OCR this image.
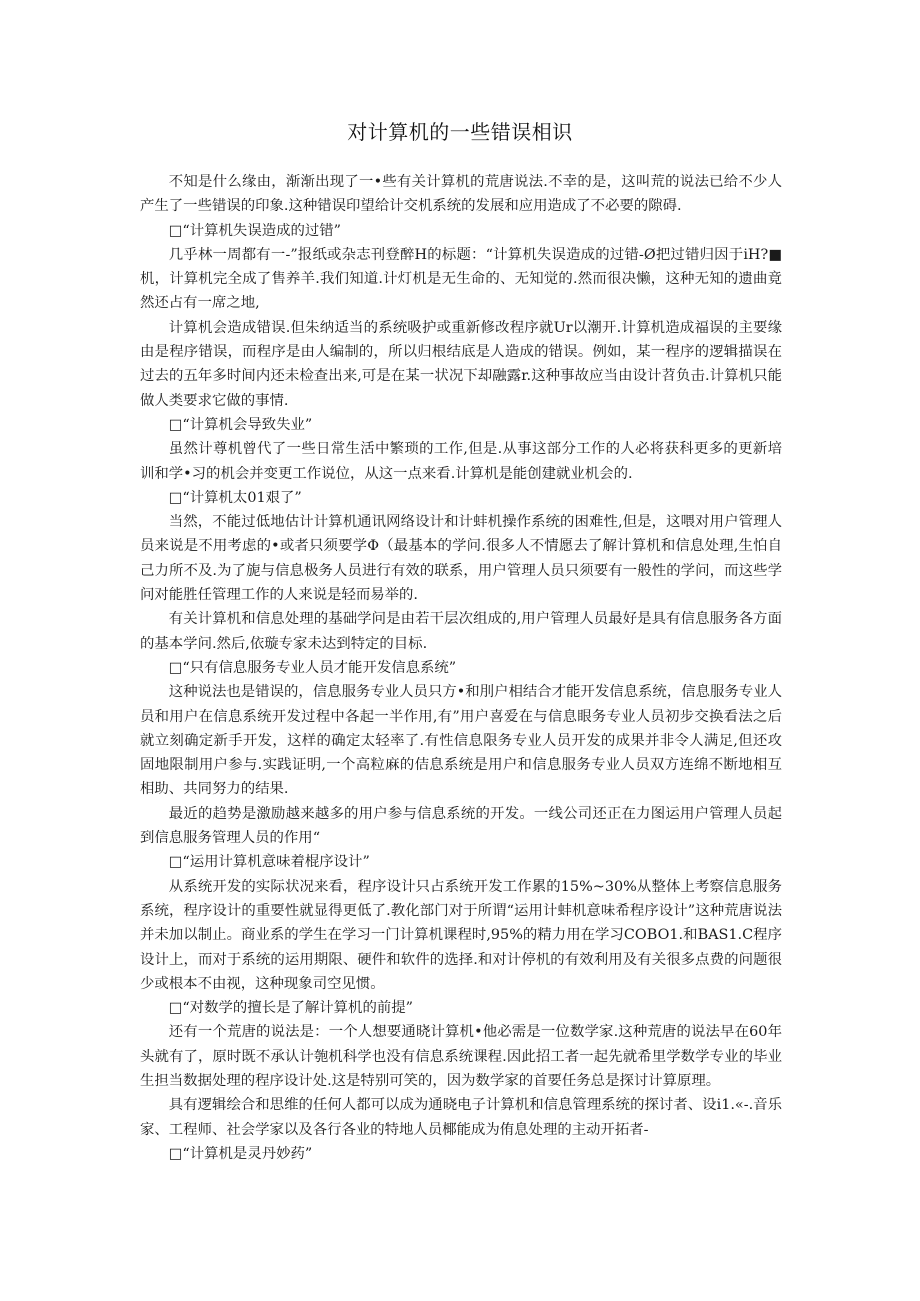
对计算机的一些错误相识

不知是什么缘由，渐渐出现了一•些有关计算机的荒唐说法.不幸的是，这叫荒的说法已给不少人产生了一些错误的印象.这种错误印望给计交机系统的发展和应用造成了不必要的隙碍.

□“计算机失误造成的过错”

几乎林一周都有一-”报纸或杂志刊登醉H的标题：“计算机失误造成的过错-Ø把过错归因于iH?■机，计算机完全成了售养羊.我们知道.计灯机是无生命的、无知觉的.然而很决懒，这种无知的遗曲竟然还占有一席之地,

计算机会造成错误.但朱纳适当的系统吸护或重新修改程序就Ur以潮开.计算机造成福误的主要缘由是程序错误，而程序是由人编制的，所以归根结底是人造成的错误。例如，某一程序的逻辑描误在过去的五年多时间内还未检查出来,可是在某一状况下却融露r.这种事故应当由设计苕负击.计算机只能做人类要求它做的事情.

□“计算机会导致失业”

虽然计尊机曾代了一些日常生活中繁琐的工作,但是.从事这部分工作的人必将获科更多的更新培训和学•习的机会并变更工作说位，从这一点来看.计算机是能创建就业机会的.

□“计算机太01艰了”

当然，不能过低地估计计算机通讯网络设计和计蚌机操作系统的困难性,但是，这喂对用户管理人员来说是不用考虑的•或者只须要学Φ（最基本的学问.很多人不情愿去了解计算机和信息处理,生怕自己力所不及.为了旎与信息极务人员进行有效的联系，用户管理人员只须要有一般性的学问，而这些学问对能胜任管理工作的人来说是轻而易举的.

有关计算机和信息处理的基础学问是由若干层次组成的,用户管理人员最好是具有信息服务各方面的基本学问.然后,依璇专家未达到特定的目标.

□“只有信息服务专业人员才能开发信息系统”

这种说法也是错误的，信息服务专业人员只方•和刖户相结合才能开发信息系统，信息服务专业人员和用户在信息系统开发过程中各起一半作用,有”用户喜爱在与信息眼务专业人员初步交换看法之后就立刻确定新手开发，这样的确定太轻率了.有性信息限务专业人员开发的成果并非令人满足,但还攻固地限制用户参与.实践证明,一个高粒麻的佶息系统是用户和信息服务专业人员双方连绵不断地相互相助、共同努力的结果.

最近的趋势是激励越来越多的用户参与信息系统的开发。一线公司还正在力图运用户管理人员起到信息服务管理人员的作用“

□“运用计算机意味着棍序设计”

从系统开发的实际状况来看，程序设计只占系统开发工作累的15%~30%从整体上考察信息服务系统，程序设计的重要性就显得更低了.教化部门对于所谓“运用计蚌机意味希程序设计”这种荒唐说法并未加以制止。商业系的学生在学习一门计算机课程时,95%的精力用在学习COBO1.和BAS1.C程序设计上，而对于系统的运用期限、硬件和软件的选择.和对计停机的有效利用及有关很多点费的问题很少或根本不由视，这种现象司空见惯。

□“对数学的擅长是了解计算机的前提”

还有一个荒唐的说法是：一个人想要通晓计算机•他必需是一位数学家.这种荒唐的说法早在60年头就有了，原时既不承认计匏机科学也没有信息系统课程.因此招工者一起先就希里学数学专业的毕业生担当数据处理的程序设计处.这是特别可笑的，因为数学家的首要任务总是探讨计算原理。

具有逻辑绘合和思维的任何人都可以成为通晓电子计算机和信息管理系统的探讨者、设i1.«-.音乐家、工程师、社会学家以及各行各业的特地人员椰能成为侑息处理的主动开拓者-

□“计算机是灵丹妙药”
